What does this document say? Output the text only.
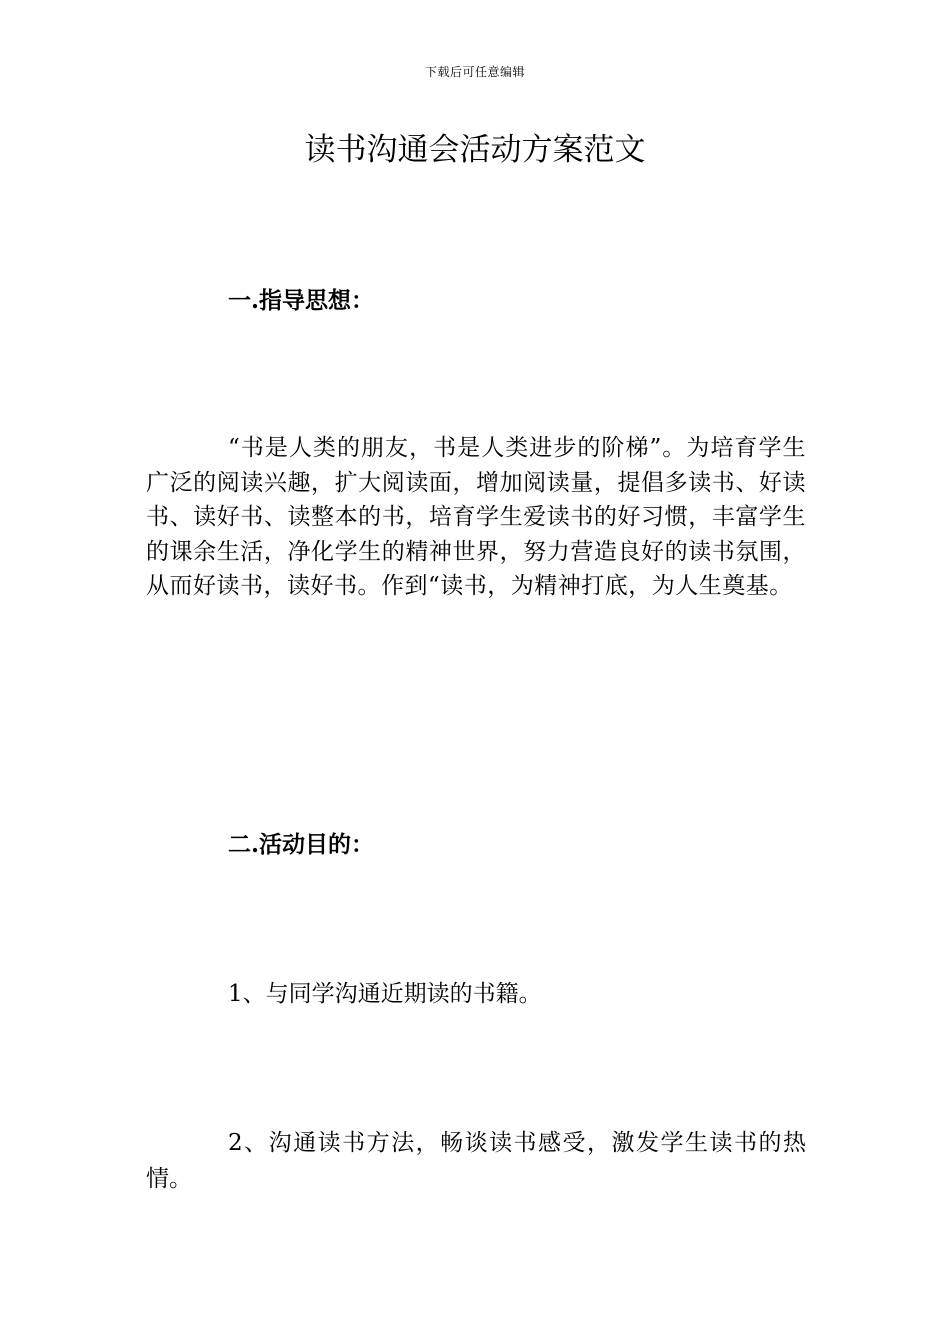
下载后可任意编辑
读书沟通会活动方案范文
一.指导思想：

“书是人类的朋友，书是人类进步的阶梯”。为培育学生广泛的阅读兴趣，扩大阅读面，增加阅读量，提倡多读书、好读书、读好书、读整本的书，培育学生爱读书的好习惯，丰富学生的课余生活，净化学生的精神世界，努力营造良好的读书氛围，从而好读书，读好书。作到“读书，为精神打底，为人生奠基。

二.活动目的：

1、与同学沟通近期读的书籍。

2、沟通读书方法，畅谈读书感受，激发学生读书的热情。
